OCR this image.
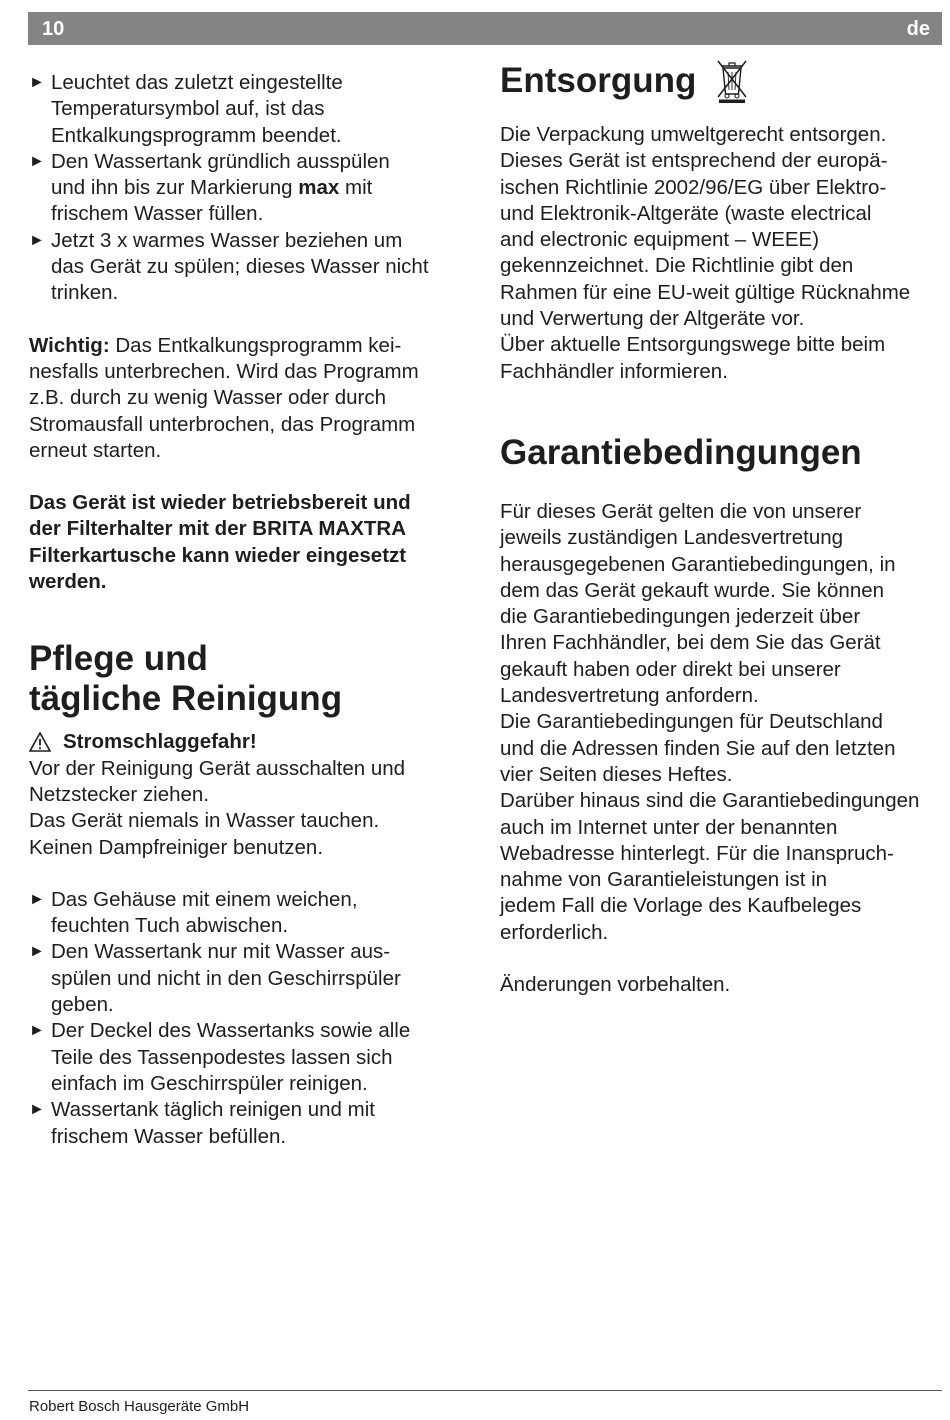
10	de
► Leuchtet das zuletzt eingestellte
Temperatursymbol auf, ist das
Entkalkungsprogramm beendet.
► Den Wassertank gründlich ausspülen
und ihn bis zur Markierung max mit
frischem Wasser füllen.
► Jetzt 3 x warmes Wasser beziehen um
das Gerät zu spülen; dieses Wasser nicht
trinken.
Wichtig: Das Entkalkungsprogramm kei-
nesfalls unterbrechen. Wird das Programm
z.B. durch zu wenig Wasser oder durch
Stromausfall unterbrochen, das Programm
erneut starten.
Das Gerät ist wieder betriebsbereit und
der Filterhalter mit der BRITA MAXTRA
Filterkartusche kann wieder eingesetzt
werden.
Pflege und
tägliche Reinigung
Stromschlaggefahr!
Vor der Reinigung Gerät ausschalten und
Netzstecker ziehen.
Das Gerät niemals in Wasser tauchen.
Keinen Dampfreiniger benutzen.
► Das Gehäuse mit einem weichen,
feuchten Tuch abwischen.
► Den Wassertank nur mit Wasser aus-
spülen und nicht in den Geschirrspüler
geben.
► Der Deckel des Wassertanks sowie alle
Teile des Tassenpodestes lassen sich
einfach im Geschirrspüler reinigen.
► Wassertank täglich reinigen und mit
frischem Wasser befüllen.
Entsorgung
Die Verpackung umweltgerecht entsorgen.
Dieses Gerät ist entsprechend der europä-
ischen Richtlinie 2002/96/EG über Elektro-
und Elektronik-Altgeräte (waste electrical
and electronic equipment – WEEE)
gekennzeichnet. Die Richtlinie gibt den
Rahmen für eine EU-weit gültige Rücknahme
und Verwertung der Altgeräte vor.
Über aktuelle Entsorgungswege bitte beim
Fachhändler informieren.
Garantiebedingungen
Für dieses Gerät gelten die von unserer
jeweils zuständigen Landesvertretung
herausgegebenen Garantiebedingungen, in
dem das Gerät gekauft wurde. Sie können
die Garantiebedingungen jederzeit über
Ihren Fachhändler, bei dem Sie das Gerät
gekauft haben oder direkt bei unserer
Landesvertretung anfordern.
Die Garantiebedingungen für Deutschland
und die Adressen finden Sie auf den letzten
vier Seiten dieses Heftes.
Darüber hinaus sind die Garantiebedingungen
auch im Internet unter der benannten
Webadresse hinterlegt. Für die Inanspruch-
nahme von Garantieleistungen ist in
jedem Fall die Vorlage des Kaufbeleges
erforderlich.
Änderungen vorbehalten.
Robert Bosch Hausgeräte GmbH
